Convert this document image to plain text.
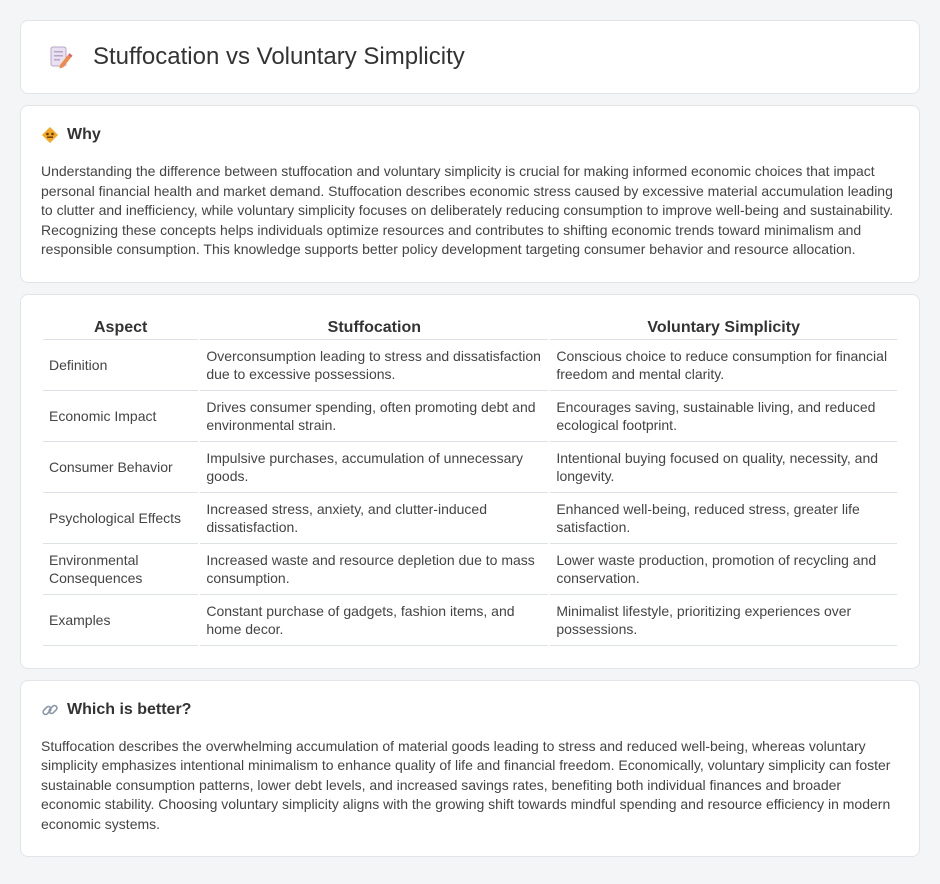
Stuffocation vs Voluntary Simplicity
Why

Understanding the difference between stuffocation and voluntary simplicity is crucial for making informed economic choices that impact personal financial health and market demand. Stuffocation describes economic stress caused by excessive material accumulation leading to clutter and inefficiency, while voluntary simplicity focuses on deliberately reducing consumption to improve well-being and sustainability. Recognizing these concepts helps individuals optimize resources and contributes to shifting economic trends toward minimalism and responsible consumption. This knowledge supports better policy development targeting consumer behavior and resource allocation.

Aspect	Stuffocation	Voluntary Simplicity
Definition	Overconsumption leading to stress and dissatisfaction due to excessive possessions.	Conscious choice to reduce consumption for financial freedom and mental clarity.
Economic Impact	Drives consumer spending, often promoting debt and environmental strain.	Encourages saving, sustainable living, and reduced ecological footprint.
Consumer Behavior	Impulsive purchases, accumulation of unnecessary goods.	Intentional buying focused on quality, necessity, and longevity.
Psychological Effects	Increased stress, anxiety, and clutter-induced dissatisfaction.	Enhanced well-being, reduced stress, greater life satisfaction.
Environmental Consequences	Increased waste and resource depletion due to mass consumption.	Lower waste production, promotion of recycling and conservation.
Examples	Constant purchase of gadgets, fashion items, and home decor.	Minimalist lifestyle, prioritizing experiences over possessions.
Which is better?

Stuffocation describes the overwhelming accumulation of material goods leading to stress and reduced well-being, whereas voluntary simplicity emphasizes intentional minimalism to enhance quality of life and financial freedom. Economically, voluntary simplicity can foster sustainable consumption patterns, lower debt levels, and increased savings rates, benefiting both individual finances and broader economic stability. Choosing voluntary simplicity aligns with the growing shift towards mindful spending and resource efficiency in modern economic systems.
